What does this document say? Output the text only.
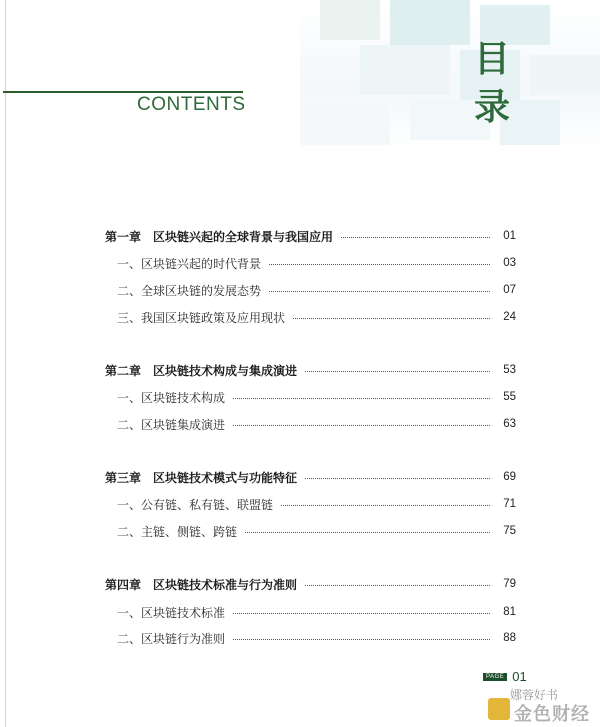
CONTENTS
目
录
第一章 区块链兴起的全球背景与我国应用	01
一、区块链兴起的时代背景	03
二、全球区块链的发展态势	07
三、我国区块链政策及应用现状	24
第二章 区块链技术构成与集成演进	53
一、区块链技术构成	55
二、区块链集成演进	63
第三章 区块链技术模式与功能特征	69
一、公有链、私有链、联盟链	71
二、主链、侧链、跨链	75
第四章 区块链技术标准与行为准则	79
一、区块链技术标准	81
二、区块链行为准则	88
PAGE 01
娜蓉好书
金色财经
